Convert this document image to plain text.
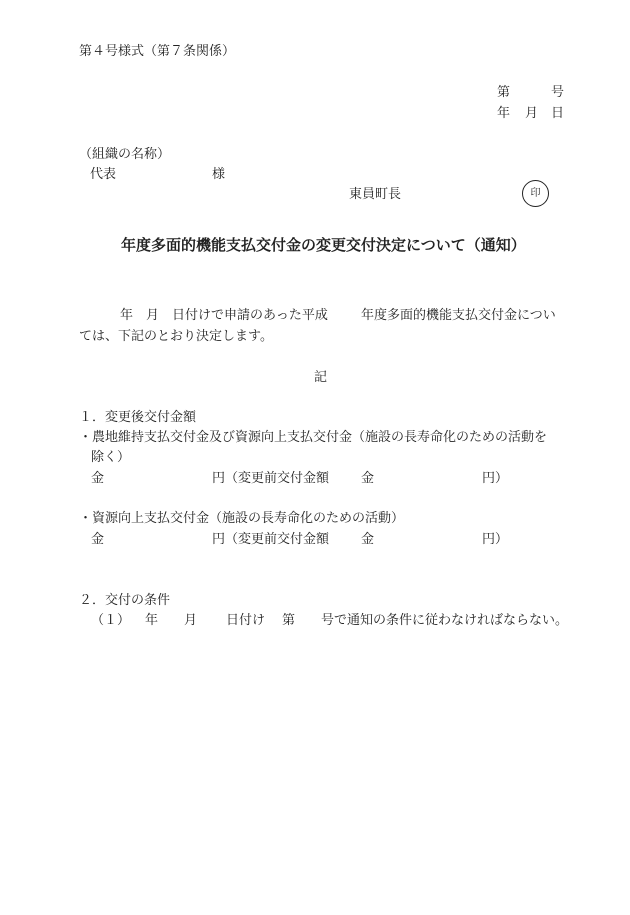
第４号様式（第７条関係）
第	号
年 月 日
（組織の名称）
代表	様
東員町長	印
年度多面的機能支払交付金の変更交付決定について（通知）
年 月 日付けで申請のあった平成	年度多面的機能支払交付金につい
ては、下記のとおり決定します。
記
１．変更後交付金額
・農地維持支払交付金及び資源向上支払交付金（施設の長寿命化のための活動を
除く）
金	円（変更前交付金額 金	円）
・資源向上支払交付金（施設の長寿命化のための活動）
金	円（変更前交付金額 金	円）
２．交付の条件
（１） 年 月 日付け 第 号で通知の条件に従わなければならない。
